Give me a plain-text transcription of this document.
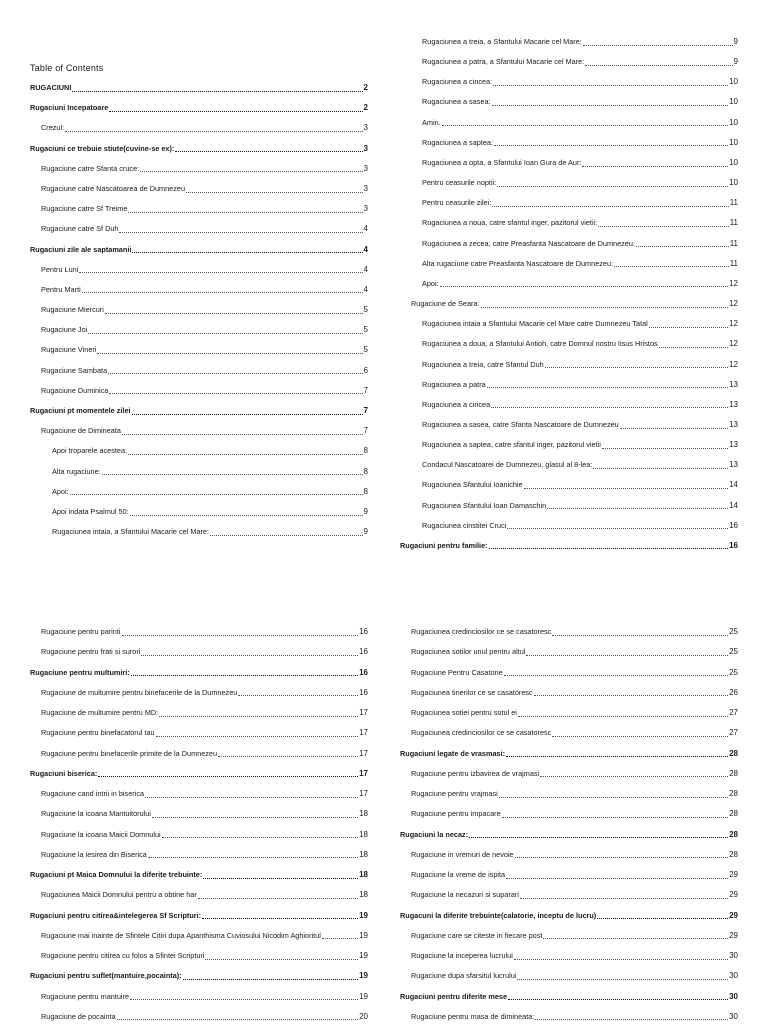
Table of Contents
RUGACIUNI	2
Rugaciuni Incepatoare	2
Crezul:	3
Rugaciuni ce trebuie stiute(cuvine-se ex):	3
Rugaciune catre Sfanta cruce:	3
Rugaciune catre Nascatoarea de Dumnezeu	3
Rugaciune catre Sf Treime	3
Rugaciune catre Sf Duh	4
Rugaciuni zile ale saptamanii	4
Pentru Luni	4
Pentru Marti	4
Rugaciune Miercuri	5
Rugaciune Joi	5
Rugaciune Vineri	5
Rugaciune Sambata	6
Rugaciune Duminica	7
Rugaciuni pt momentele zilei	7
Rugaciune de Dimineata	7
Apoi troparele acestea:	8
Alta rugaciune:	8
Apoi:	8
Apoi indata Psalmul 50:	9
Rugaciunea intaia, a Sfantului Macarie cel Mare:	9
Rugaciunea a treia, a Sfantului Macarie cel Mare:	9
Rugaciunea a patra, a Sfantului Macarie cel Mare:	9
Rugaciunea a cincea:	10
Rugaciunea a sasea:	10
Amin.	10
Rugaciunea a saptea:	10
Rugaciunea a opta, a Sfantului Ioan Gura de Aur:	10
Pentru ceasurile noptii:	10
Pentru ceasurile zilei:	11
Rugaciunea a noua, catre sfantul inger, pazitorul vietii:	11
Rugaciunea a zecea, catre Preasfanta Nascatoare de Dumnezeu:	11
Alta rugaciune catre Preasfanta Nascatoare de Dumnezeu:	11
Apoi:	12
Rugaciune de Seara:	12
Rugaciunea intaia a Sfantului Macarie cel Mare catre Dumnezeu Tatal	12
Rugaciunea a doua, a Sfantului Antioh, catre Domnul nostru Iisus Hristos	12
Rugaciunea a treia, catre Sfantul Duh	12
Rugaciunea a patra	13
Rugaciunea a cincea	13
Rugaciunea a sasea, catre Sfanta Nascatoare de Dumnezeu	13
Rugaciunea a saptea, catre sfantul inger, pazitorul vietii	13
Condacul Nascatoarei de Dumnezeu, glasul al 8-lea:	13
Rugaciunea Sfantului Ioanichie	14
Rugaciunea Sfantului Ioan Damaschin	14
Rugaciunea cinstitei Cruci	16
Rugaciuni pentru familie:	16
Rugaciune pentru parinti	16
Rugaciune pentru frati si surori	16
Rugaciune pentru multumiri:	16
Rugaciune de multumire pentru binefacerile de la Dumnezeu	16
Rugaciune de multumire pentru MD:	17
Rugaciune pentru binefacatorul tau	17
Rugaciune pentru binefacerile primite de la Dumnezeu	17
Rugaciuni biserica:	17
Rugaciune cand intrii in biserica	17
Rugaciune la icoana Mantuitorului	18
Rugaciune la icoana Maicii Domnului	18
Rugaciune la iesirea din Biserica	18
Rugaciuni pt Maica Domnului la diferite trebuinte:	18
Rugaciunea Maicii Domnului pentru a obtine har	18
Rugaciuni pentru citirea&intelegerea Sf Scripturi:	19
Rugaciune mai inainte de Sfintele Citiri dupa Apanthisma Cuviosului Nicodim Aghioritul	19
Rugaciune pentru citirea cu folos a Sfintei Scripturi	19
Rugaciuni pentru suflet(mantuire,pocainta):	19
Rugaciune pentru mantuire	19
Rugaciune de pocainta	20
Rugaciunea credinciosilor ce se casatoresc	25
Rugaciunea sotilor unul pentru altul	25
Rugaciune Pentru Casatorie	25
Rugaciunea tinerilor ce se casatoresc	26
Rugaciunea sotiei pentru sotul ei	27
Rugaciunea credinciosilor ce se casatoresc	27
Rugaciuni legate de vrasmasi:	28
Rugaciune pentru izbavirea de vrajmasi	28
Rugaciune pentru vrajmasi	28
Rugaciune pentru impacare	28
Rugaciuni la necaz:	28
Rugaciune in vremuri de nevoie	28
Rugaciune la vreme de ispita	29
Rugaciune la necazuri si suparari	29
Rugacuni la diferite trebuinte(calatorie, inceptu de lucru)	29
Rugaciune care se citeste in fiecare post	29
Rugaciune la inceperea lucrului	30
Rugaciune dupa sfarsitul lucrului	30
Rugaciuni pentru diferite mese	30
Rugaciune pentru masa de dimineata:	30
